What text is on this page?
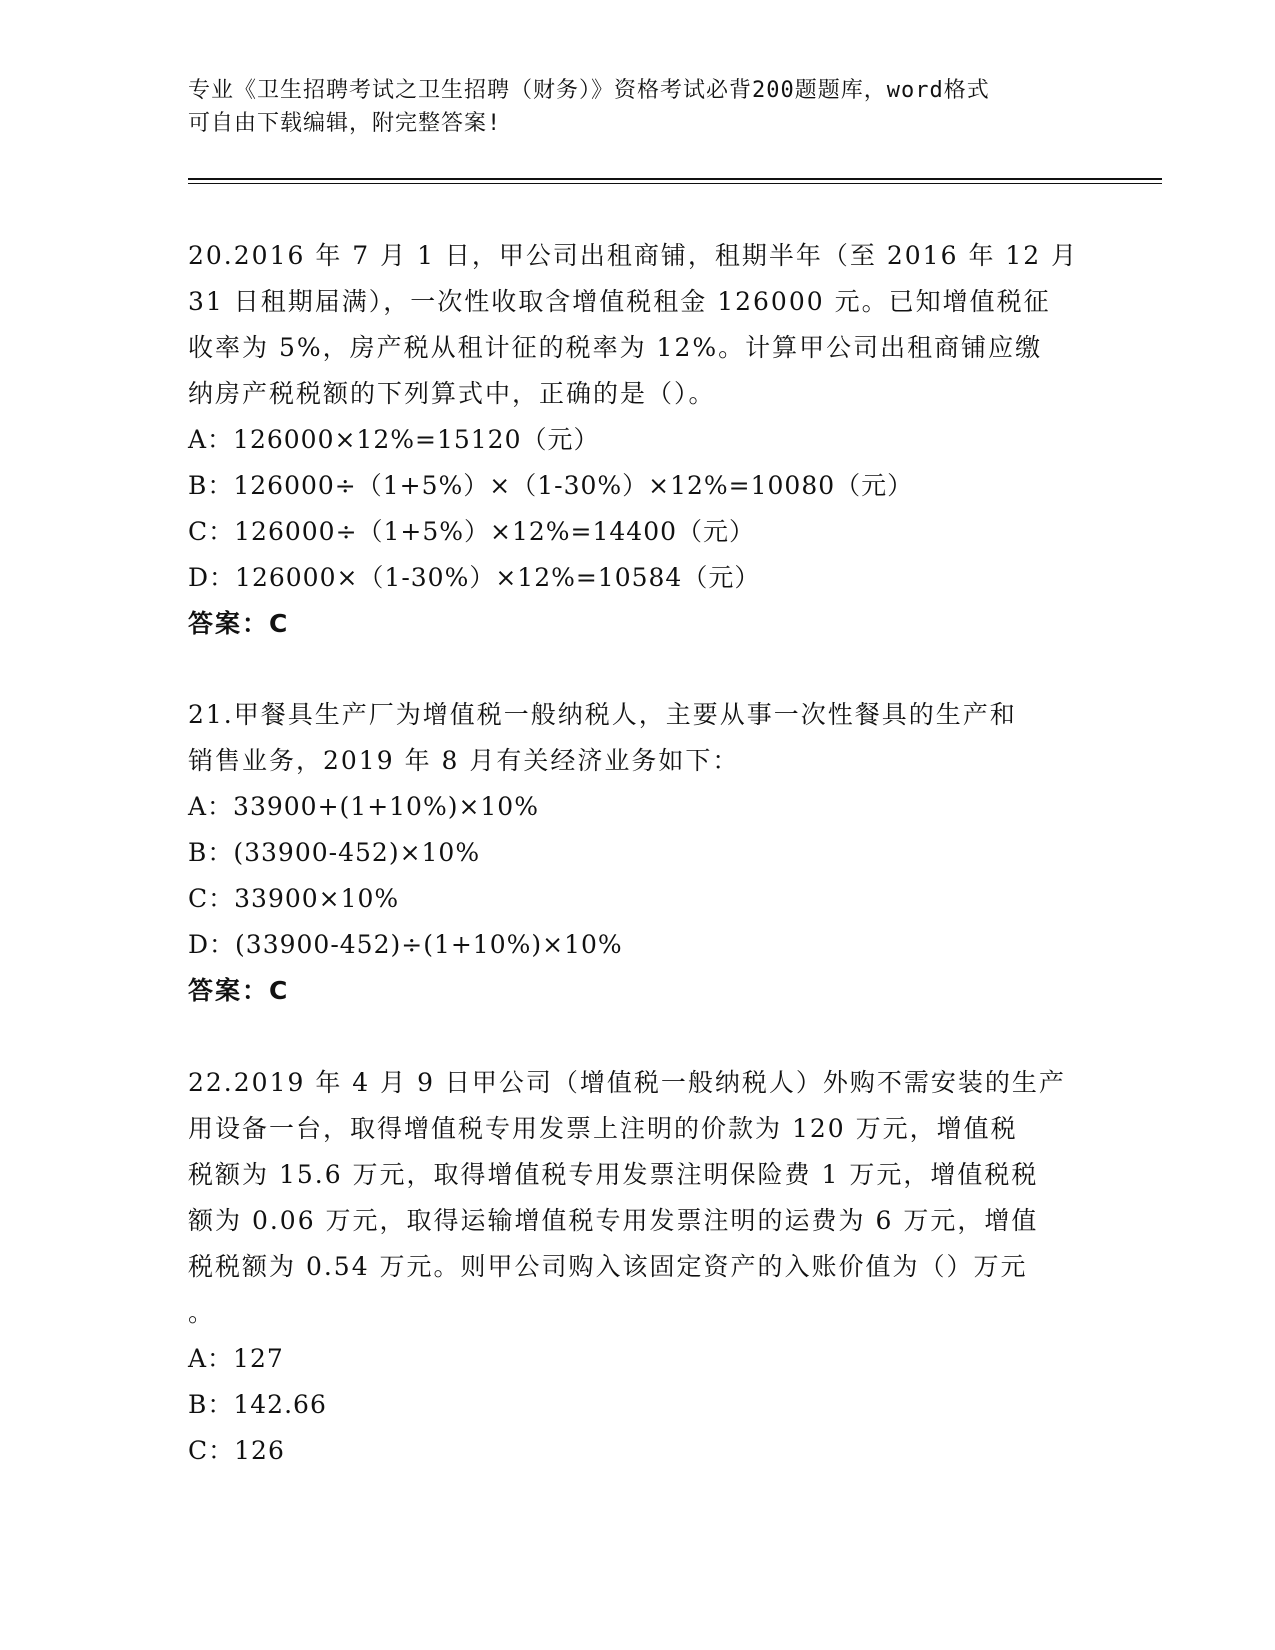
专业《卫生招聘考试之卫生招聘（财务）》资格考试必背200题题库，word格式
可自由下载编辑，附完整答案!

20.2016 年 7 月 1 日，甲公司出租商铺，租期半年（至 2016 年 12 月

31 日租期届满），一次性收取含增值税租金 126000 元。已知增值税征

收率为 5%，房产税从租计征的税率为 12%。计算甲公司出租商铺应缴

纳房产税税额的下列算式中，正确的是（）。

A：126000×12%=15120（元）

B：126000÷（1+5%）×（1-30%）×12%=10080（元）

C：126000÷（1+5%）×12%=14400（元）

D：126000×（1-30%）×12%=10584（元）

答案：C

21.甲餐具生产厂为增值税一般纳税人，主要从事一次性餐具的生产和

销售业务，2019 年 8 月有关经济业务如下：

A：33900+(1+10%)×10%

B：(33900-452)×10%

C：33900×10%

D：(33900-452)÷(1+10%)×10%

答案：C

22.2019 年 4 月 9 日甲公司（增值税一般纳税人）外购不需安装的生产

用设备一台，取得增值税专用发票上注明的价款为 120 万元，增值税

税额为 15.6 万元，取得增值税专用发票注明保险费 1 万元，增值税税

额为 0.06 万元，取得运输增值税专用发票注明的运费为 6 万元，增值

税税额为 0.54 万元。则甲公司购入该固定资产的入账价值为（）万元

。

A：127

B：142.66

C：126
